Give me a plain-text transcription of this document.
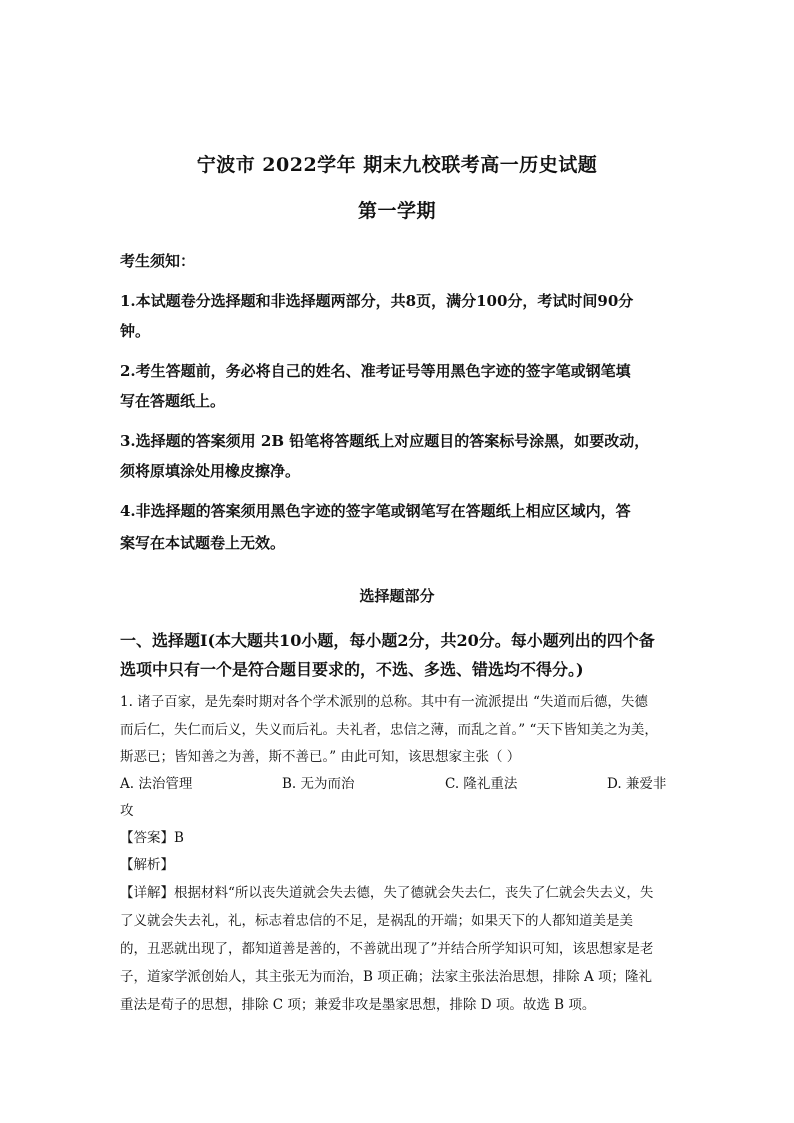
宁波市 2022学年 期末九校联考高一历史试题
第一学期
考生须知：
1.本试题卷分选择题和非选择题两部分，共8页，满分100分，考试时间90分
钟。
2.考生答题前，务必将自己的姓名、准考证号等用黑色字迹的签字笔或钢笔填
写在答题纸上。
3.选择题的答案须用 2B 铅笔将答题纸上对应题目的答案标号涂黑，如要改动，
须将原填涂处用橡皮擦净。
4.非选择题的答案须用黑色字迹的签字笔或钢笔写在答题纸上相应区域内，答
案写在本试题卷上无效。
选择题部分
一、选择题Ⅰ(本大题共10小题，每小题2分，共20分。每小题列出的四个备
选项中只有一个是符合题目要求的，不选、多选、错选均不得分。)
1. 诸子百家，是先秦时期对各个学术派别的总称。其中有一流派提出 “失道而后德，失德
而后仁，失仁而后义，失义而后礼。夫礼者，忠信之薄，而乱之首。” “天下皆知美之为美，
斯恶已；皆知善之为善，斯不善已。” 由此可知，该思想家主张（ ）
A. 法治管理	B. 无为而治	C. 隆礼重法	D. 兼爱非
攻
【答案】B
【解析】
【详解】根据材料“所以丧失道就会失去德，失了德就会失去仁，丧失了仁就会失去义，失
了义就会失去礼，礼，标志着忠信的不足，是祸乱的开端；如果天下的人都知道美是美
的，丑恶就出现了，都知道善是善的，不善就出现了”并结合所学知识可知，该思想家是老
子，道家学派创始人，其主张无为而治，B 项正确；法家主张法治思想，排除 A 项；隆礼
重法是荀子的思想，排除 C 项；兼爱非攻是墨家思想，排除 D 项。故选 B 项。
